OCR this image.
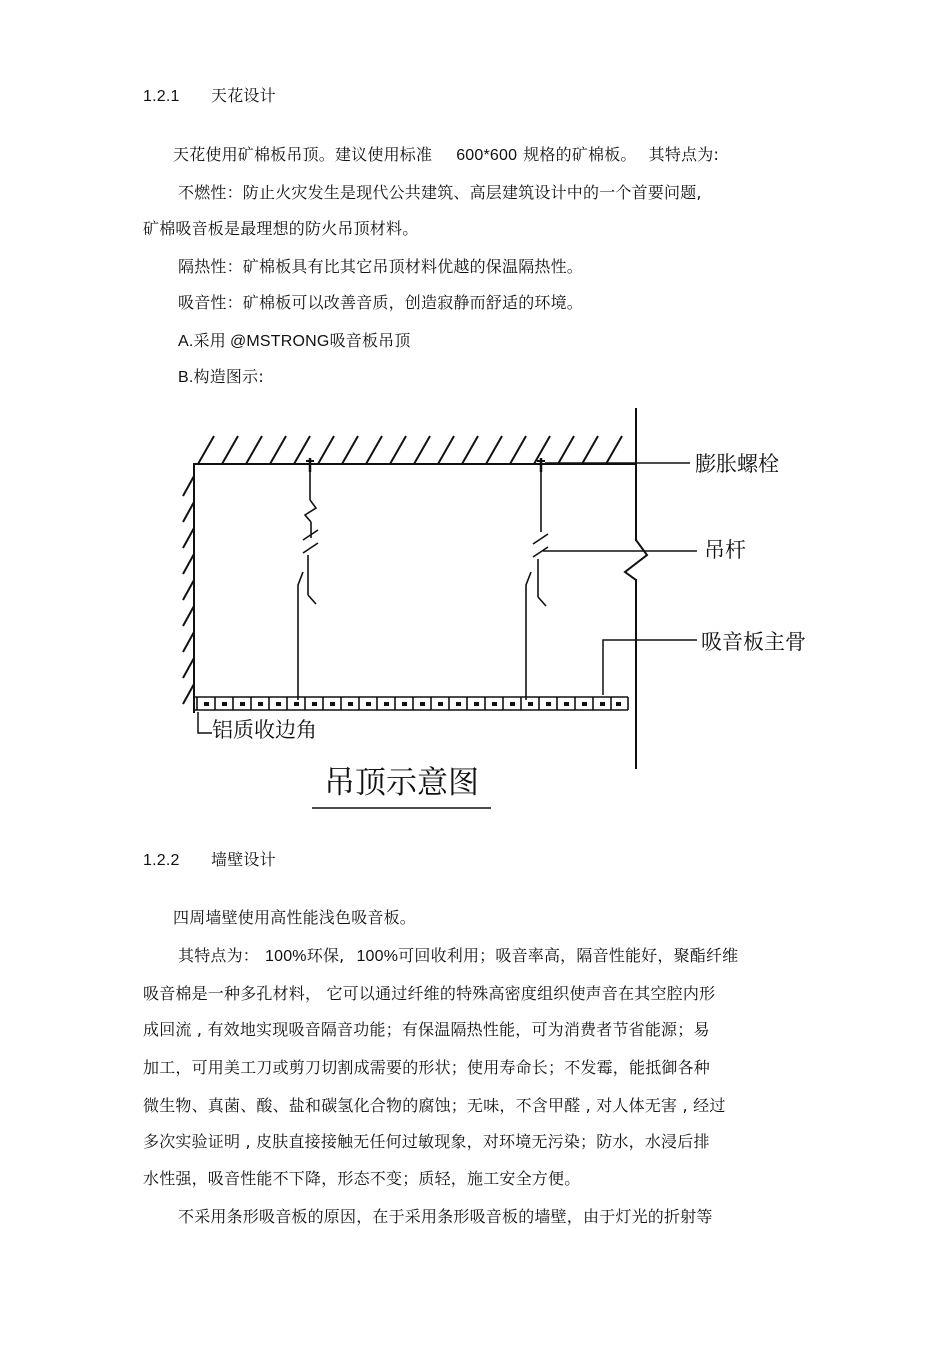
1.2.1 天花设计
天花使用矿棉板吊顶。建议使用标准 600*600 规格的矿棉板。 其特点为:
不燃性：防止火灾发生是现代公共建筑、高层建筑设计中的一个首要问题,
矿棉吸音板是最理想的防火吊顶材料。
隔热性：矿棉板具有比其它吊顶材料优越的保温隔热性。
吸音性：矿棉板可以改善音质，创造寂静而舒适的环境。
A.采用 @MSTRONG吸音板吊顶
B.构造图示:
膨胀螺栓
吊杆
吸音板主骨
铝质收边角
吊顶示意图
1.2.2 墙壁设计
四周墙壁使用高性能浅色吸音板。
其特点为： 100%环保, 100%可回收利用；吸音率高，隔音性能好，聚酯纤维
吸音棉是一种多孔材料， 它可以通过纤维的特殊高密度组织使声音在其空腔内形
成回流 , 有效地实现吸音隔音功能；有保温隔热性能，可为消费者节省能源；易
加工，可用美工刀或剪刀切割成需要的形状；使用寿命长；不发霉，能抵御各种
微生物、真菌、酸、盐和碳氢化合物的腐蚀；无味，不含甲醛 , 对人体无害 , 经过
多次实验证明 , 皮肤直接接触无任何过敏现象，对环境无污染；防水，水浸后排
水性强，吸音性能不下降，形态不变；质轻，施工安全方便。
不采用条形吸音板的原因，在于采用条形吸音板的墙壁，由于灯光的折射等
